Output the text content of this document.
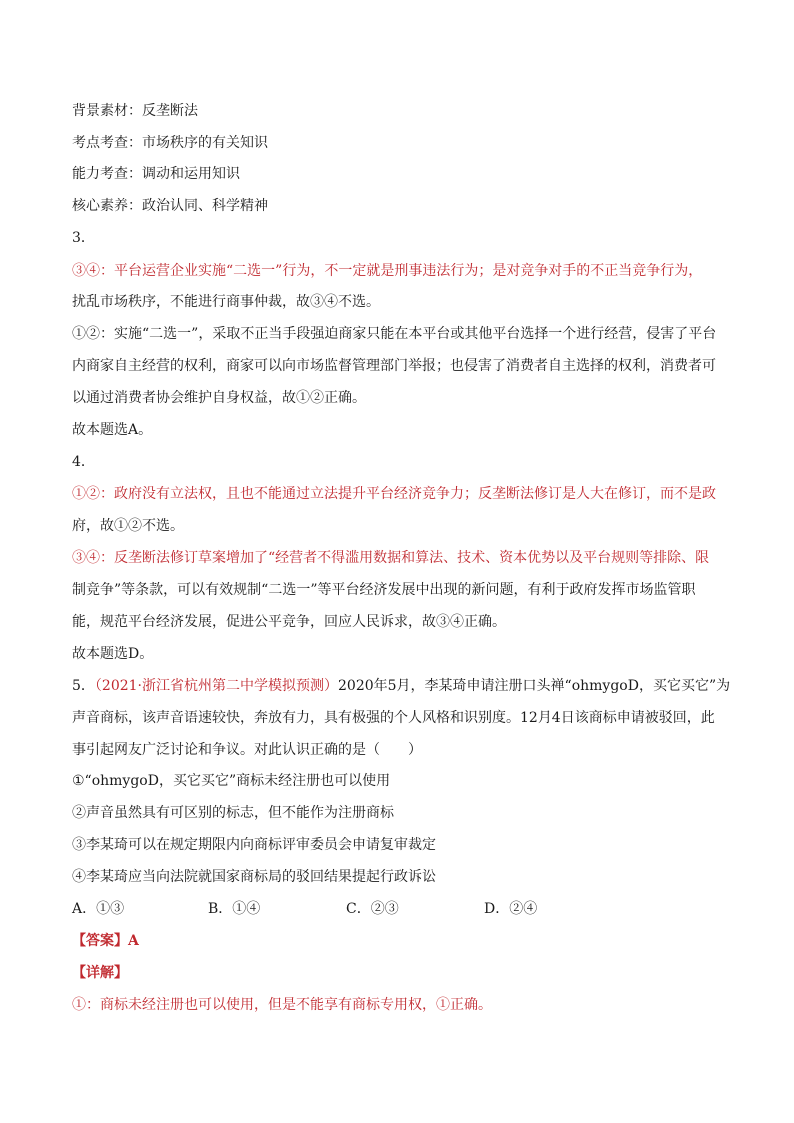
背景素材：反垄断法
考点考查：市场秩序的有关知识
能力考查：调动和运用知识
核心素养：政治认同、科学精神
3．
③④：平台运营企业实施“二选一”行为，不一定就是刑事违法行为；是对竞争对手的不正当竞争行为，
扰乱市场秩序，不能进行商事仲裁，故③④不选。
①②：实施“二选一”，采取不正当手段强迫商家只能在本平台或其他平台选择一个进行经营，侵害了平台
内商家自主经营的权利，商家可以向市场监督管理部门举报；也侵害了消费者自主选择的权利，消费者可
以通过消费者协会维护自身权益，故①②正确。
故本题选A。
4．
①②：政府没有立法权，且也不能通过立法提升平台经济竞争力；反垄断法修订是人大在修订，而不是政
府，故①②不选。
③④：反垄断法修订草案增加了“经营者不得滥用数据和算法、技术、资本优势以及平台规则等排除、限
制竞争”等条款，可以有效规制“二选一”等平台经济发展中出现的新问题，有利于政府发挥市场监管职
能，规范平台经济发展，促进公平竞争，回应人民诉求，故③④正确。
故本题选D。
5．（2021·浙江省杭州第二中学模拟预测）2020年5月，李某琦申请注册口头禅“ohmygoD，买它买它”为
声音商标，该声音语速较快，奔放有力，具有极强的个人风格和识别度。12月4日该商标申请被驳回，此
事引起网友广泛讨论和争议。对此认识正确的是（　　）
①“ohmygoD，买它买它”商标未经注册也可以使用
②声音虽然具有可区别的标志，但不能作为注册商标
③李某琦可以在规定期限内向商标评审委员会申请复审裁定
④李某琦应当向法院就国家商标局的驳回结果提起行政诉讼
A．①③	B．①④	C．②③	D．②④
【答案】A
【详解】
①：商标未经注册也可以使用，但是不能享有商标专用权，①正确。
